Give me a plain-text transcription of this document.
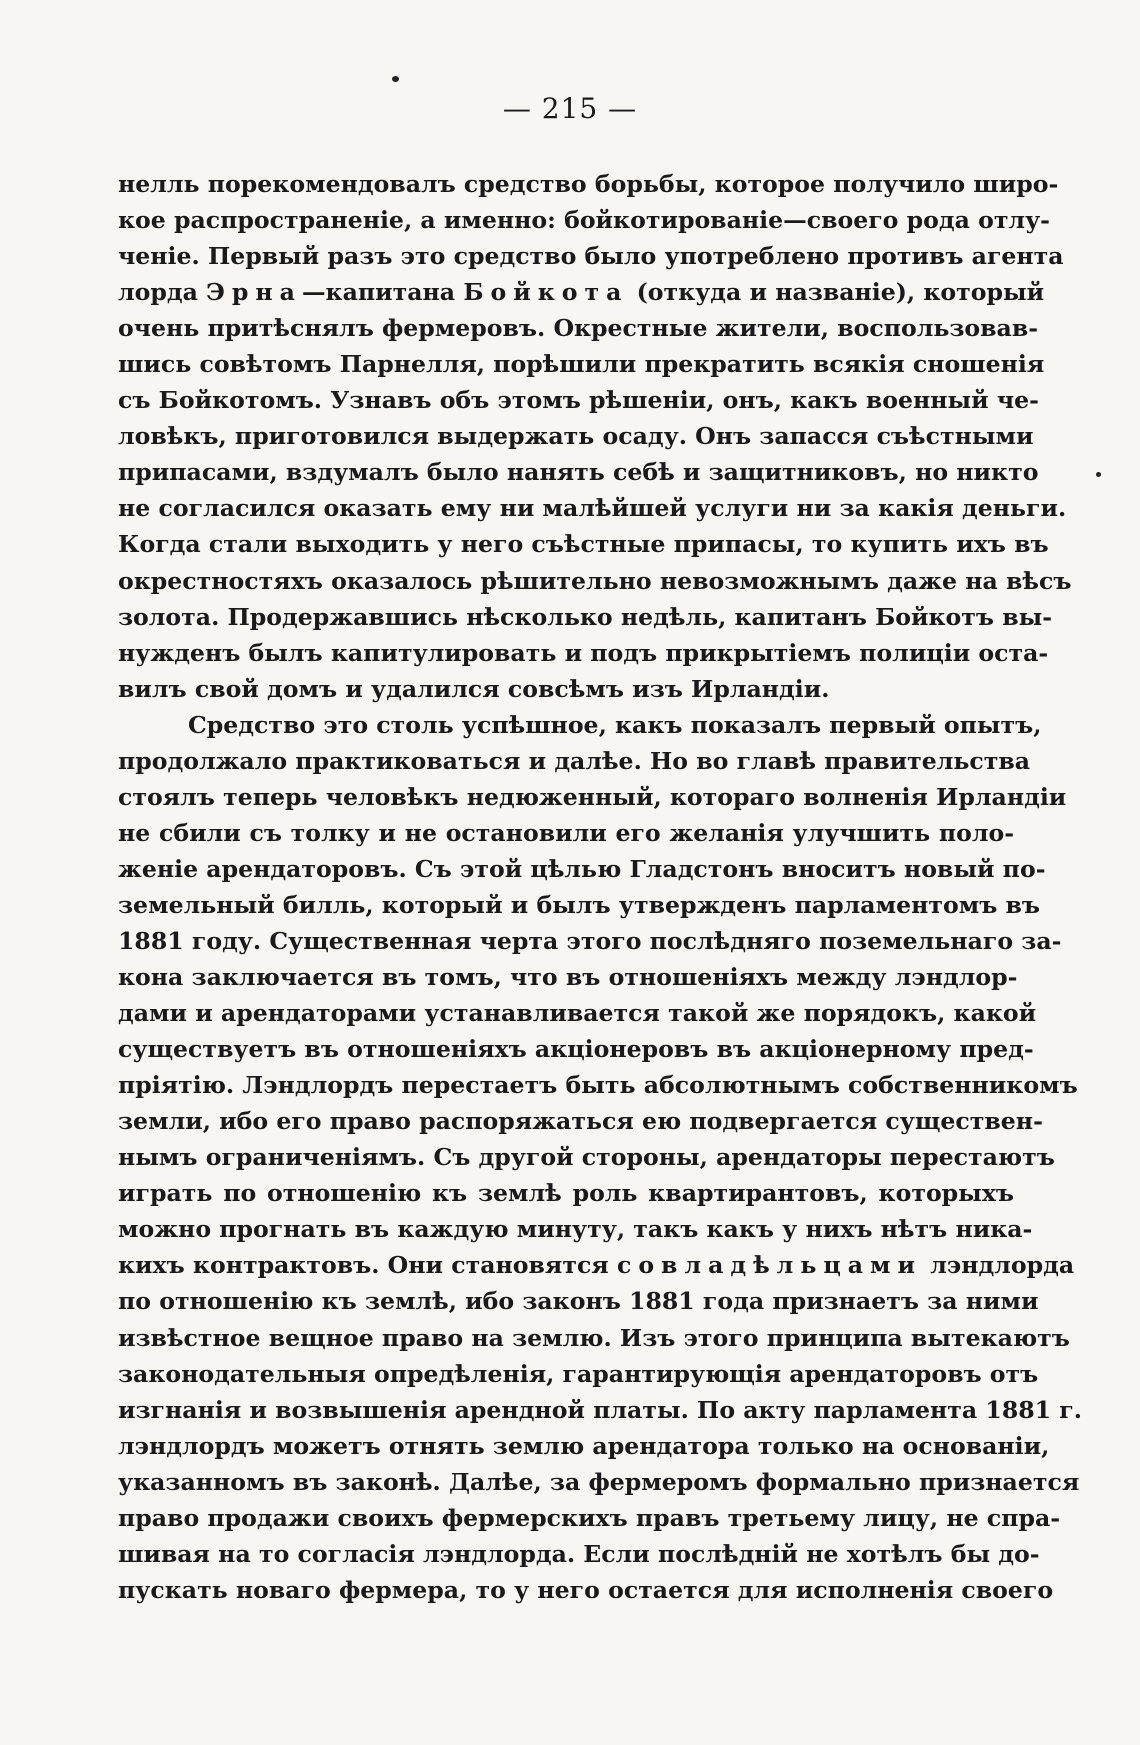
— 215 —
нелль порекомендовалъ средство борьбы, которое получило широ-
кое распространеніе, а именно: бойкотированіе—своего рода отлу-
ченіе. Первый разъ это средство было употреблено противъ агента
лорда Эрна—капитана Бойкота (откуда и названіе), который
очень притѣснялъ фермеровъ. Окрестные жители, воспользовав-
шись совѣтомъ Парнелля, порѣшили прекратить всякія сношенія
съ Бойкотомъ. Узнавъ объ этомъ рѣшеніи, онъ, какъ военный че-
ловѣкъ, приготовился выдержать осаду. Онъ запасся съѣстными
припасами, вздумалъ было нанять себѣ и защитниковъ, но никто
не согласился оказать ему ни малѣйшей услуги ни за какія деньги.
Когда стали выходить у него съѣстные припасы, то купить ихъ въ
окрестностяхъ оказалось рѣшительно невозможнымъ даже на вѣсъ
золота. Продержавшись нѣсколько недѣль, капитанъ Бойкотъ вы-
нужденъ былъ капитулировать и подъ прикрытіемъ полиціи оста-
вилъ свой домъ и удалился совсѣмъ изъ Ирландіи.
Средство это столь успѣшное, какъ показалъ первый опытъ,
продолжало практиковаться и далѣе. Но во главѣ правительства
стоялъ теперь человѣкъ недюженный, котораго волненія Ирландіи
не сбили съ толку и не остановили его желанія улучшить поло-
женіе арендаторовъ. Съ этой цѣлью Гладстонъ вноситъ новый по-
земельный билль, который и былъ утвержденъ парламентомъ въ
1881 году. Существенная черта этого послѣдняго поземельнаго за-
кона заключается въ томъ, что въ отношеніяхъ между лэндлор-
дами и арендаторами устанавливается такой же порядокъ, какой
существуетъ въ отношеніяхъ акціонеровъ въ акціонерному пред-
пріятію. Лэндлордъ перестаетъ быть абсолютнымъ собственникомъ
земли, ибо его право распоряжаться ею подвергается существен-
нымъ ограниченіямъ. Съ другой стороны, арендаторы перестаютъ
играть по отношенію къ землѣ роль квартирантовъ, которыхъ
можно прогнать въ каждую минуту, такъ какъ у нихъ нѣтъ ника-
кихъ контрактовъ. Они становятся совладѣльцами лэндлорда
по отношенію къ землѣ, ибо законъ 1881 года признаетъ за ними
извѣстное вещное право на землю. Изъ этого принципа вытекаютъ
законодательныя опредѣленія, гарантирующія арендаторовъ отъ
изгнанія и возвышенія арендной платы. По акту парламента 1881 г.
лэндлордъ можетъ отнять землю арендатора только на основаніи,
указанномъ въ законѣ. Далѣе, за фермеромъ формально признается
право продажи своихъ фермерскихъ правъ третьему лицу, не спра-
шивая на то согласія лэндлорда. Если послѣдній не хотѣлъ бы до-
пускать новаго фермера, то у него остается для исполненія своего
